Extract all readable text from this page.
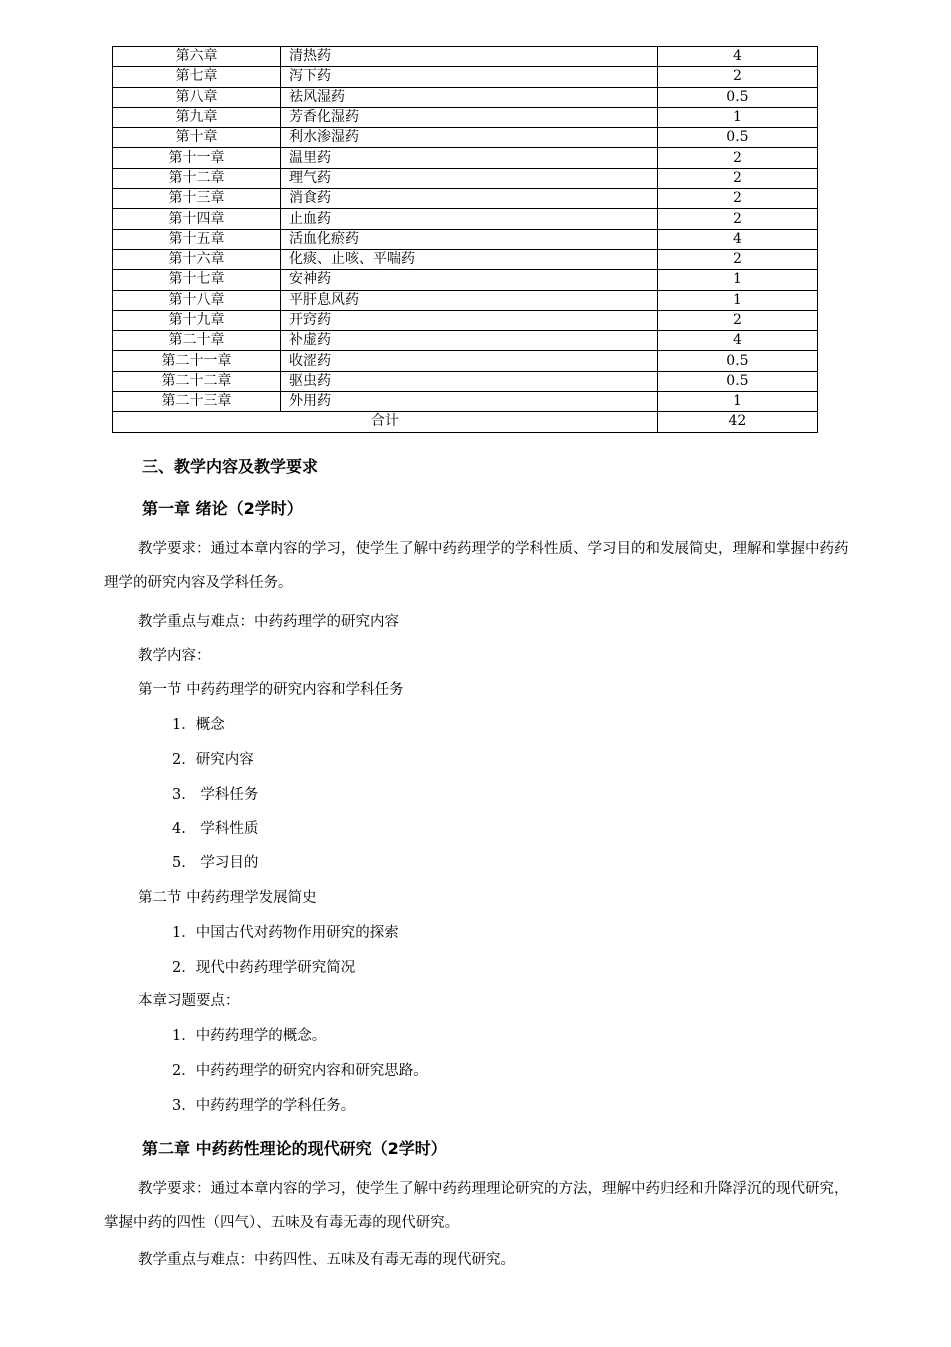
第六章	清热药	4
第七章	泻下药	2
第八章	祛风湿药	0.5
第九章	芳香化湿药	1
第十章	利水渗湿药	0.5
第十一章	温里药	2
第十二章	理气药	2
第十三章	消食药	2
第十四章	止血药	2
第十五章	活血化瘀药	4
第十六章	化痰、止咳、平喘药	2
第十七章	安神药	1
第十八章	平肝息风药	1
第十九章	开窍药	2
第二十章	补虚药	4
第二十一章	收涩药	0.5
第二十二章	驱虫药	0.5
第二十三章	外用药	1
合计		42
三、教学内容及教学要求
第一章 绪论（2学时）
教学要求：通过本章内容的学习，使学生了解中药药理学的学科性质、学习目的和发展简史，理解和掌握中药药理学的研究内容及学科任务。
教学重点与难点：中药药理学的研究内容
教学内容：
第一节 中药药理学的研究内容和学科任务
1．概念
2．研究内容
3.　学科任务
4.　学科性质
5.　学习目的
第二节 中药药理学发展简史
1．中国古代对药物作用研究的探索
2．现代中药药理学研究简况
本章习题要点：
1．中药药理学的概念。
2．中药药理学的研究内容和研究思路。
3．中药药理学的学科任务。
第二章 中药药性理论的现代研究（2学时）
教学要求：通过本章内容的学习，使学生了解中药药理理论研究的方法，理解中药归经和升降浮沉的现代研究，掌握中药的四性（四气）、五味及有毒无毒的现代研究。
教学重点与难点：中药四性、五味及有毒无毒的现代研究。
